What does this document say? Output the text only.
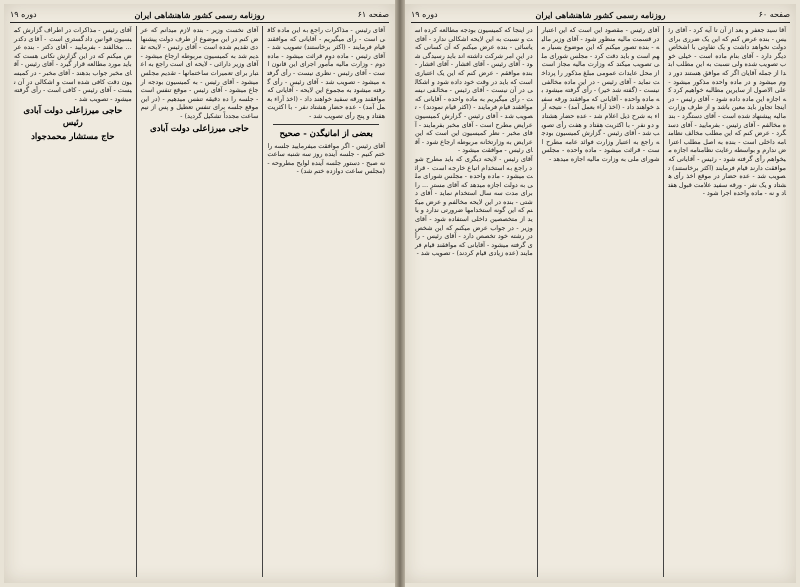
دوره ۱۹	روزنامه رسمی کشور شاهنشاهی ایران	صفحه ۶۱
آقای رئیس - مذاکرات راجع به این ماده کافی است - رأی میگیریم - آقایانی که موافقند قیام فرمایند - (اکثر برخاستند) تصویب شد - آقای رئیس - ماده دوم قرائت میشود - ماده دوم - وزارت مالیه مأمور اجرای این قانون است - آقای رئیس - نظری نیست - رأی گرفته میشود - تصویب شد - آقای رئیس - رأی گرفته میشود به مجموع این لایحه - آقایانی که موافقند ورقه سفید خواهند داد - (اخذ آراء بعمل آمد) - عده حضار هشتاد نفر - با اکثریت هفتاد و پنج رأی تصویب شد -
بعضی از امانیگدن - صحیح
آقای رئیس - اگر موافقت میفرمایید جلسه را ختم کنیم - جلسه آینده روز سه شنبه ساعت نه صبح - دستور جلسه آینده لوایح مطروحه - (مجلس ساعت دوازده ختم شد) -
آقای نخست وزیر - بنده لازم میدانم که عرض کنم در این موضوع از طرف دولت پیشنهادی تقدیم شده است - آقای رئیس - لایحه تقدیم شد به کمیسیون مربوطه ارجاع میشود - آقای وزیر دارائی - لایحه ای است راجع به اعتبار برای تعمیرات ساختمانها - تقدیم مجلس میشود - آقای رئیس - به کمیسیون بودجه ارجاع میشود - آقای رئیس - موقع تنفس است - جلسه را ده دقیقه تنفس میدهیم - (در این موقع جلسه برای تنفس تعطیل و پس از نیم ساعت مجدداً تشکیل گردید) -
حاجی میرزاعلی دولت آبادی
آقای رئیس - مذاکرات در اطراف گزارش کمیسیون قوانین دادگستری است - آقای دکتر ... مخالفند - بفرمایید - آقای دکتر - بنده عرض میکنم که در این گزارش نکاتی هست که باید مورد مطالعه قرار گیرد - آقای رئیس - آقای مخبر جواب بدهند - آقای مخبر - در کمیسیون دقت کافی شده است و اشکالی در آن نیست - آقای رئیس - کافی است - رأی گرفته میشود - تصویب شد -
حاجی میرزاعلی دولت آبادی رئیس
حاج مستشار محمدجواد
دوره ۱۹	روزنامه رسمی کشور شاهنشاهی ایران	صفحه ۶۰
آقا سید جعفر و بعد از آن تا آیه کرد - آقای رئیس - بنده عرض کنم که این یک ضرری برای دولت نخواهد داشت و یک تفاوتی با اشخاص دیگر دارد - آقای بنام ماده است - خیلی خوب تصویب شده ولی نسبت به این مطلب ابتدا از جمله آقایان اگر که موافق هستند دور دوم میشود و در ماده واحده مذکور میشود - علی الاصول از سایرین مطالبه خواهیم کرد که اجازه این ماده داده شود - آقای رئیس - در اینجا تجاوز باید معین باشد و از طرف وزارت مالیه پیشنهاد شده است - آقای دستگرد - بنده مخالفم - آقای رئیس - بفرمایید - آقای دستگرد - عرض کنم که این مطلب مخالف نظامنامه داخلی است - بنده به اصل مطلب اعتراض ندارم و بواسطه رعایت نظامنامه اجازه میخواهم رأی گرفته شود - رئیس - آقایانی که موافقت دارند قیام فرمایند (اکثر برخاستند) تصویب شد - عده حضار در موقع اخذ رأی هشتاد و یک نفر - ورقه سفید علامت قبول هفتاد و نه - ماده واحده اجرا شود -
آقای رئیس - مقصود این است که این اعتبار در قسمت مالیه منظور شود - آقای وزیر مالیه - بنده تصور میکنم که این موضوع بسیار مهم است و باید دقت کرد - مجلس شورای ملی تصویب میکند که وزارت مالیه مجاز است از محل عایدات عمومی مبلغ مذکور را پرداخت نماید - آقای رئیس - در این ماده مخالفی نیست - (گفته شد خیر) - رأی گرفته میشود به ماده واحده - آقایانی که موافقند ورقه سفید خواهند داد - (اخذ آراء بعمل آمد) - نتیجه آراء به شرح ذیل اعلام شد - عده حضار هشتاد و دو نفر - با اکثریت هفتاد و هفت رأی تصویب شد - آقای رئیس - گزارش کمیسیون بودجه راجع به اعتبار وزارت فوائد عامه مطرح است - قرائت میشود - ماده واحده - مجلس شورای ملی به وزارت مالیه اجازه میدهد -
در اینجا که کمیسیون بودجه مطالعه کرده است و نسبت به این لایحه اشکالی ندارد - آقای یاسائی - بنده عرض میکنم که آن کسانی که در این امر شرکت داشته اند باید رسیدگی شود - آقای رئیس - آقای افشار - آقای افشار - بنده موافقم - عرض کنم که این یک اعتباری است که باید در وقت خود داده شود و اشکالی در آن نیست - آقای رئیس - مخالفی نیست - رأی میگیریم به ماده واحده - آقایانی که موافقند قیام فرمایند - (اکثر قیام نمودند) - تصویب شد - آقای رئیس - گزارش کمیسیون عرایض مطرح است - آقای مخبر بفرمایند - آقای مخبر - نظر کمیسیون این است که این عرایض به وزارتخانه مربوطه ارجاع شود - آقای رئیس - موافقت میشود -
آقای رئیس - لایحه دیگری که باید مطرح شود راجع به استخدام اتباع خارجه است - قرائت میشود - ماده واحده - مجلس شورای ملی به دولت اجازه میدهد که آقای مستر ... را برای مدت سه سال استخدام نماید - آقای دشتی - بنده در این لایحه مخالفم و عرض میکنم که این گونه استخدامها ضرورتی ندارد و باید از متخصصین داخلی استفاده شود - آقای وزیر - در جواب عرض میکنم که این شخص در رشته خود تخصص دارد - آقای رئیس - رأی گرفته میشود - آقایانی که موافقند قیام فرمایند (عده زیادی قیام کردند) - تصویب شد -
